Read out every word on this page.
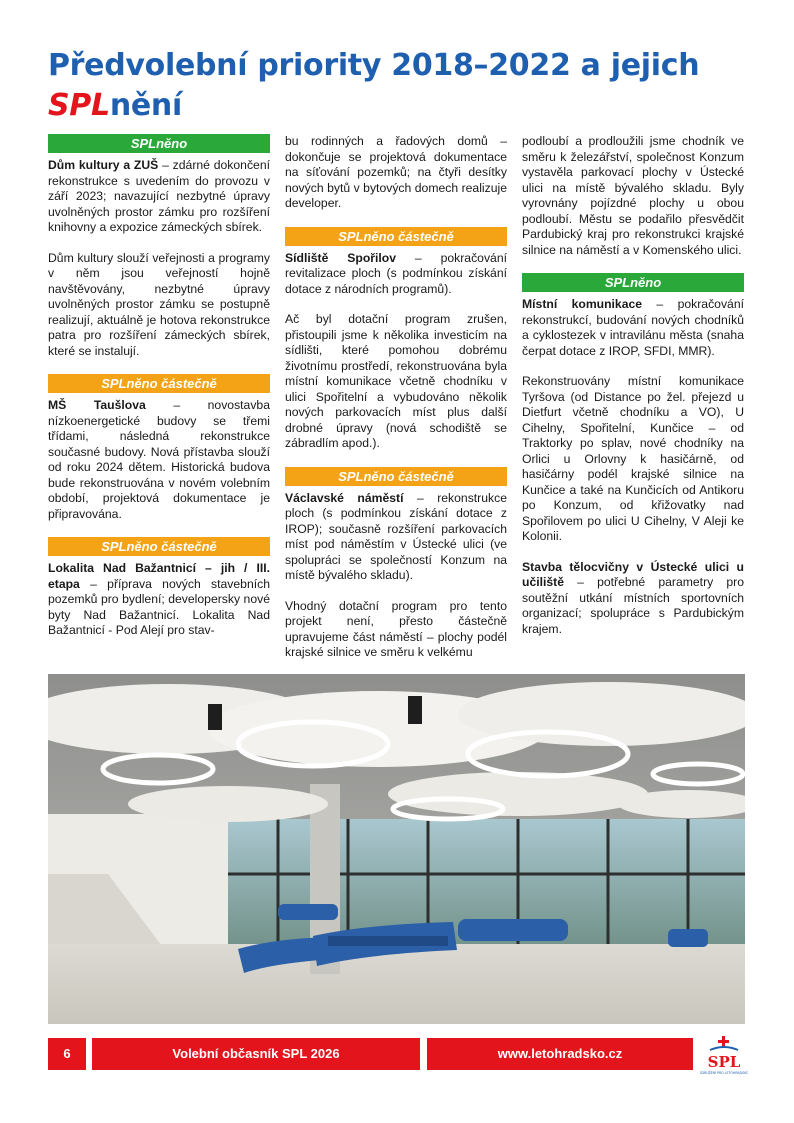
Předvolební priority 2018–2022 a jejich
SPLnění
SPLněno

Dům kultury a ZUŠ – zdárné dokončení rekonstrukce s uvedením do provozu v září 2023; navazující nezbytné úpravy uvolněných prostor zámku pro rozšíření knihovny a expozice zámeckých sbírek.

Dům kultury slouží veřejnosti a programy v něm jsou veřejností hojně navštěvovány, nezbytné úpravy uvolněných prostor zámku se postupně realizují, aktuálně je hotova rekonstrukce patra pro rozšíření zámeckých sbírek, které se instalují.

SPLněno částečně

MŠ Taušlova – novostavba nízkoenergetické budovy se třemi třídami, následná rekonstrukce současné budovy. Nová přístavba slouží od roku 2024 dětem. Historická budova bude rekonstruována v novém volebním období, projektová dokumentace je připravována.

SPLněno částečně

Lokalita Nad Bažantnicí – jih / III. etapa – příprava nových stavebních pozemků pro bydlení; developersky nové byty Nad Bažantnicí. Lokalita Nad Bažantnicí - Pod Alejí pro stav-

bu rodinných a řadových domů – dokončuje se projektová dokumentace na síťování pozemků; na čtyři desítky nových bytů v bytových domech realizuje developer.

SPLněno částečně

Sídliště Spořilov – pokračování revitalizace ploch (s podmínkou získání dotace z národních programů).

Ač byl dotační program zrušen, přistoupili jsme k několika investicím na sídlišti, které pomohou dobrému životnímu prostředí, rekonstruována byla místní komunikace včetně chodníku v ulici Spořitelní a vybudováno několik nových parkovacích míst plus další drobné úpravy (nová schodiště se zábradlím apod.).

SPLněno částečně

Václavské náměstí – rekonstrukce ploch (s podmínkou získání dotace z IROP); současně rozšíření parkovacích míst pod náměstím v Ústecké ulici (ve spolupráci se společností Konzum na místě bývalého skladu).

Vhodný dotační program pro tento projekt není, přesto částečně upravujeme část náměstí – plochy podél krajské silnice ve směru k velkému

podloubí a prodloužili jsme chodník ve směru k železářství, společnost Konzum vystavěla parkovací plochy v Ústecké ulici na místě bývalého skladu. Byly vyrovnány pojízdné plochy u obou podloubí. Městu se podařilo přesvědčit Pardubický kraj pro rekonstrukci krajské silnice na náměstí a v Komenského ulici.

SPLněno

Místní komunikace – pokračování rekonstrukcí, budování nových chodníků a cyklostezek v intravilánu města (snaha čerpat dotace z IROP, SFDI, MMR).

Rekonstruovány místní komunikace Tyršova (od Distance po žel. přejezd u Dietfurt včetně chodníku a VO), U Cihelny, Spořitelní, Kunčice – od Traktorky po splav, nové chodníky na Orlici u Orlovny k hasičárně, od hasičárny podél krajské silnice na Kunčice a také na Kunčicích od Antikoru po Konzum, od křižovatky nad Spořilovem po ulici U Cihelny, V Aleji ke Kolonii.

Stavba tělocvičny v Ústecké ulici u učiliště – potřebné parametry pro soutěžní utkání místních sportovních organizací; spolupráce s Pardubickým krajem.

6	Volební občasník SPL 2026	www.letohradsko.cz	SPL
SDRUŽENÍ PRO LETOHRADSKO
